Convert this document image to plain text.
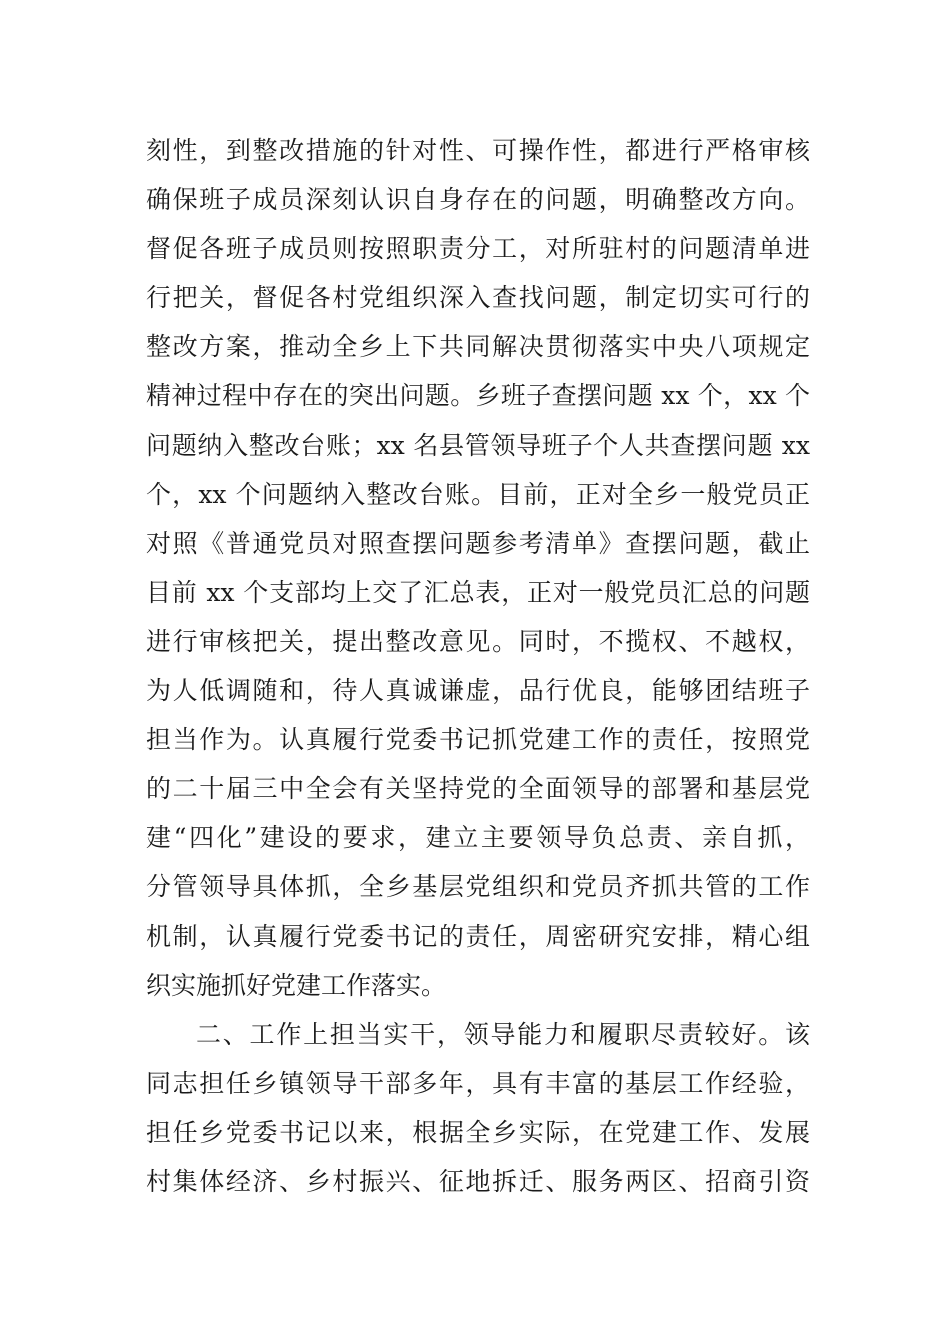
刻性，到整改措施的针对性、可操作性，都进行严格审核
确保班子成员深刻认识自身存在的问题，明确整改方向。
督促各班子成员则按照职责分工，对所驻村的问题清单进
行把关，督促各村党组织深入查找问题，制定切实可行的
整改方案，推动全乡上下共同解决贯彻落实中央八项规定
精神过程中存在的突出问题。乡班子查摆问题 xx 个，xx 个
问题纳入整改台账；xx 名县管领导班子个人共查摆问题 xx
个，xx 个问题纳入整改台账。目前，正对全乡一般党员正
对照《普通党员对照查摆问题参考清单》查摆问题，截止
目前 xx 个支部均上交了汇总表，正对一般党员汇总的问题
进行审核把关，提出整改意见。同时，不揽权、不越权，
为人低调随和，待人真诚谦虚，品行优良，能够团结班子
担当作为。认真履行党委书记抓党建工作的责任，按照党
的二十届三中全会有关坚持党的全面领导的部署和基层党
建“四化”建设的要求，建立主要领导负总责、亲自抓，
分管领导具体抓，全乡基层党组织和党员齐抓共管的工作
机制，认真履行党委书记的责任，周密研究安排，精心组
织实施抓好党建工作落实。
二、工作上担当实干，领导能力和履职尽责较好。该
同志担任乡镇领导干部多年，具有丰富的基层工作经验，
担任乡党委书记以来，根据全乡实际，在党建工作、发展
村集体经济、乡村振兴、征地拆迁、服务两区、招商引资
